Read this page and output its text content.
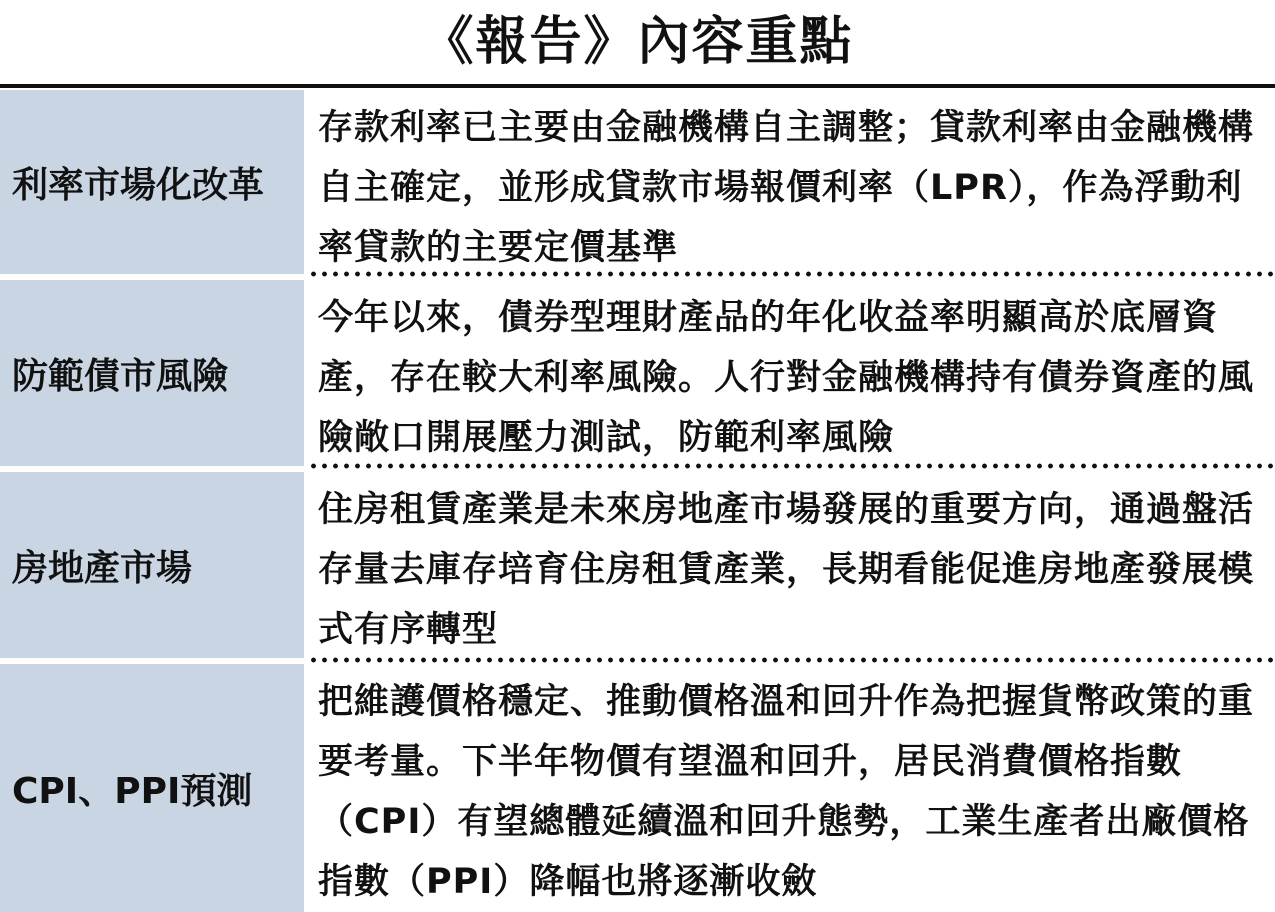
《報告》內容重點
利率市場化改革
存款利率已主要由金融機構自主調整；貸款利率由金融機構自主確定，並形成貸款市場報價利率（LPR），作為浮動利率貸款的主要定價基準
防範債市風險
今年以來，債券型理財產品的年化收益率明顯高於底層資產，存在較大利率風險。人行對金融機構持有債券資產的風險敞口開展壓力測試，防範利率風險
房地產市場
住房租賃產業是未來房地產市場發展的重要方向，通過盤活存量去庫存培育住房租賃產業，長期看能促進房地產發展模式有序轉型
CPI、PPI預測
把維護價格穩定、推動價格溫和回升作為把握貨幣政策的重要考量。下半年物價有望溫和回升，居民消費價格指數（CPI）有望總體延續溫和回升態勢，工業生產者出廠價格指數（PPI）降幅也將逐漸收斂
